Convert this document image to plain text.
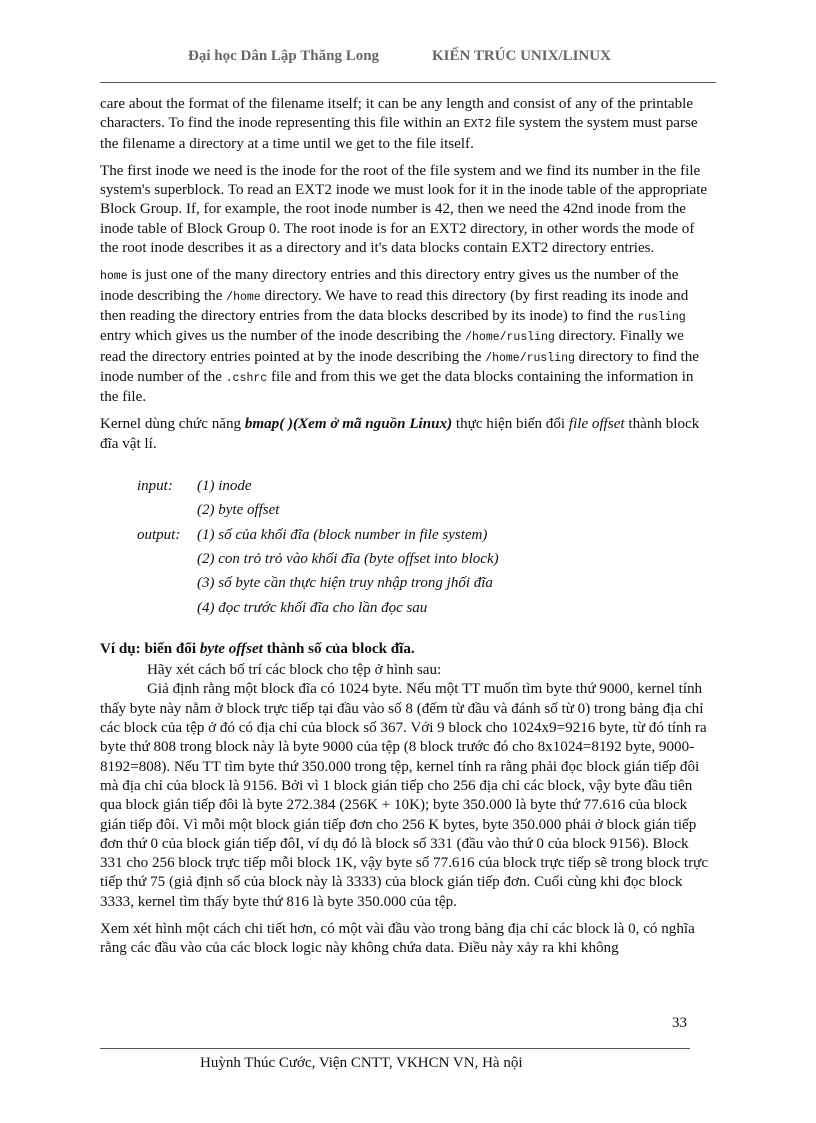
Đại học Dân Lập Thăng Long	KIẾN TRÚC UNIX/LINUX

care about the format of the filename itself; it can be any length and consist of any of the printable characters. To find the inode representing this file within an EXT2 file system the system must parse the filename a directory at a time until we get to the file itself.

The first inode we need is the inode for the root of the file system and we find its number in the file system's superblock. To read an EXT2 inode we must look for it in the inode table of the appropriate Block Group. If, for example, the root inode number is 42, then we need the 42nd inode from the inode table of Block Group 0. The root inode is for an EXT2 directory, in other words the mode of the root inode describes it as a directory and it's data blocks contain EXT2 directory entries.

home is just one of the many directory entries and this directory entry gives us the number of the inode describing the /home directory. We have to read this directory (by first reading its inode and then reading the directory entries from the data blocks described by its inode) to find the rusling entry which gives us the number of the inode describing the /home/rusling directory. Finally we read the directory entries pointed at by the inode describing the /home/rusling directory to find the inode number of the .cshrc file and from this we get the data blocks containing the information in the file.

Kernel dùng chức năng bmap( )(Xem ở mã nguồn Linux) thực hiện biến đổi file offset thành block đĩa vật lí.

input:	(1) inode
(2) byte offset
output:	(1) số của khối đĩa (block number in file system)
(2) con trỏ trỏ vào khối đĩa (byte offset into block)
(3) số byte cần thực hiện truy nhập trong jhối đĩa
(4) đọc trước khối đĩa cho lần đọc sau

Ví dụ: biến đổi byte offset thành số của block đĩa.

Hãy xét cách bố trí các block cho tệp ở hình sau:

Giả định rằng một block đĩa có 1024 byte. Nếu một TT muốn tìm byte thứ 9000, kernel tính thấy byte này nằm ở block trực tiếp tại đầu vào số 8 (đếm từ đầu và đánh số từ 0) trong bảng địa chỉ các block của tệp ở đó có địa chỉ của block số 367. Với 9 block cho 1024x9=9216 byte, từ đó tính ra byte thứ 808 trong block này là byte 9000 của tệp (8 block trước đó cho 8x1024=8192 byte, 9000-8192=808). Nếu TT tìm byte thứ 350.000 trong tệp, kernel tính ra rằng phải đọc block gián tiếp đôi mà địa chỉ của block là 9156. Bởi vì 1 block gián tiếp cho 256 địa chỉ các block, vậy byte đầu tiên qua block gián tiếp đôi là byte 272.384 (256K + 10K); byte 350.000 là byte thứ 77.616 của block gián tiếp đôi. Vì mỗi một block gián tiếp đơn cho 256 K bytes, byte 350.000 phải ở block gián tiếp đơn thứ 0 của block gián tiếp đôI, ví dụ đó là block số 331 (đầu vào thứ 0 của block 9156). Block 331 cho 256 block trực tiếp mỗi block 1K, vậy byte số 77.616 của block trực tiếp sẽ trong block trực tiếp thứ 75 (giả định số của block này là 3333) của block gián tiếp đơn. Cuối cùng khi đọc block 3333, kernel tìm thấy byte thứ 816 là byte 350.000 của tệp.

Xem xét hình một cách chi tiết hơn, có một vài đầu vào trong bảng địa chỉ các block là 0, có nghĩa rằng các đầu vào của các block logic này không chứa data. Điều này xảy ra khi không

33
Huỳnh Thúc Cước, Viện CNTT, VKHCN VN, Hà nội
